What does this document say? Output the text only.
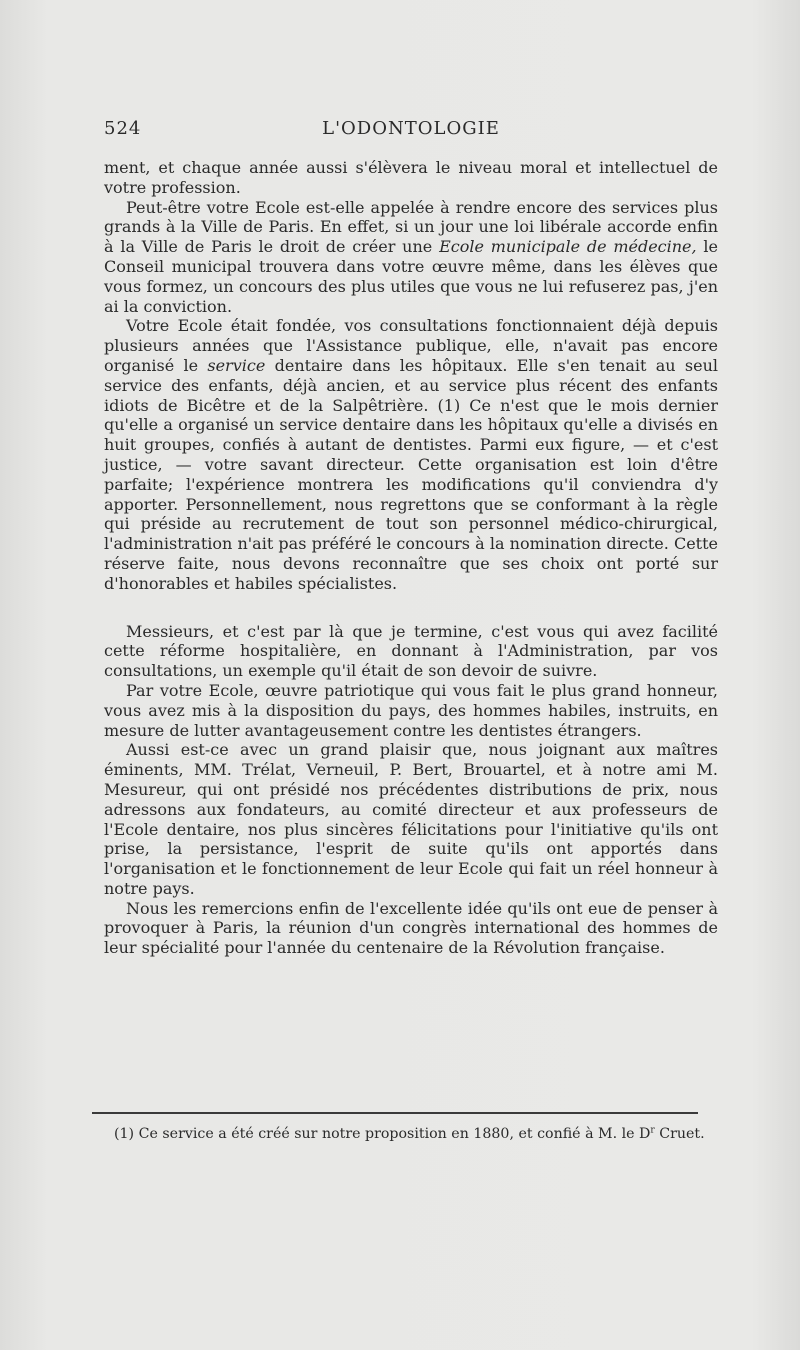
524	L'ODONTOLOGIE

ment, et chaque année aussi s'élèvera le niveau moral et intellectuel de votre profession.

Peut-être votre Ecole est-elle appelée à rendre encore des services plus grands à la Ville de Paris. En effet, si un jour une loi libérale accorde enfin à la Ville de Paris le droit de créer une Ecole municipale de médecine, le Conseil municipal trouvera dans votre œuvre même, dans les élèves que vous formez, un concours des plus utiles que vous ne lui refuserez pas, j'en ai la conviction.

Votre Ecole était fondée, vos consultations fonctionnaient déjà depuis plusieurs années que l'Assistance publique, elle, n'avait pas encore organisé le service dentaire dans les hôpitaux. Elle s'en tenait au seul service des enfants, déjà ancien, et au service plus récent des enfants idiots de Bicêtre et de la Salpêtrière. (1) Ce n'est que le mois dernier qu'elle a organisé un service dentaire dans les hôpitaux qu'elle a divisés en huit groupes, confiés à autant de dentistes. Parmi eux figure, — et c'est justice, — votre savant directeur. Cette organisation est loin d'être parfaite; l'expérience montrera les modifications qu'il conviendra d'y apporter. Personnellement, nous regrettons que se conformant à la règle qui préside au recrutement de tout son personnel médico-chirurgical, l'administration n'ait pas préféré le concours à la nomination directe. Cette réserve faite, nous devons reconnaître que ses choix ont porté sur d'honorables et habiles spécialistes.

Messieurs, et c'est par là que je termine, c'est vous qui avez facilité cette réforme hospitalière, en donnant à l'Administration, par vos consultations, un exemple qu'il était de son devoir de suivre.

Par votre Ecole, œuvre patriotique qui vous fait le plus grand honneur, vous avez mis à la disposition du pays, des hommes habiles, instruits, en mesure de lutter avantageusement contre les dentistes étrangers.

Aussi est-ce avec un grand plaisir que, nous joignant aux maîtres éminents, MM. Trélat, Verneuil, P. Bert, Brouartel, et à notre ami M. Mesureur, qui ont présidé nos précédentes distributions de prix, nous adressons aux fondateurs, au comité directeur et aux professeurs de l'Ecole dentaire, nos plus sincères félicitations pour l'initiative qu'ils ont prise, la persistance, l'esprit de suite qu'ils ont apportés dans l'organisation et le fonctionnement de leur Ecole qui fait un réel honneur à notre pays.

Nous les remercions enfin de l'excellente idée qu'ils ont eue de penser à provoquer à Paris, la réunion d'un congrès international des hommes de leur spécialité pour l'année du centenaire de la Révolution française.

(1) Ce service a été créé sur notre proposition en 1880, et confié à M. le $D^r$ Cruet.
